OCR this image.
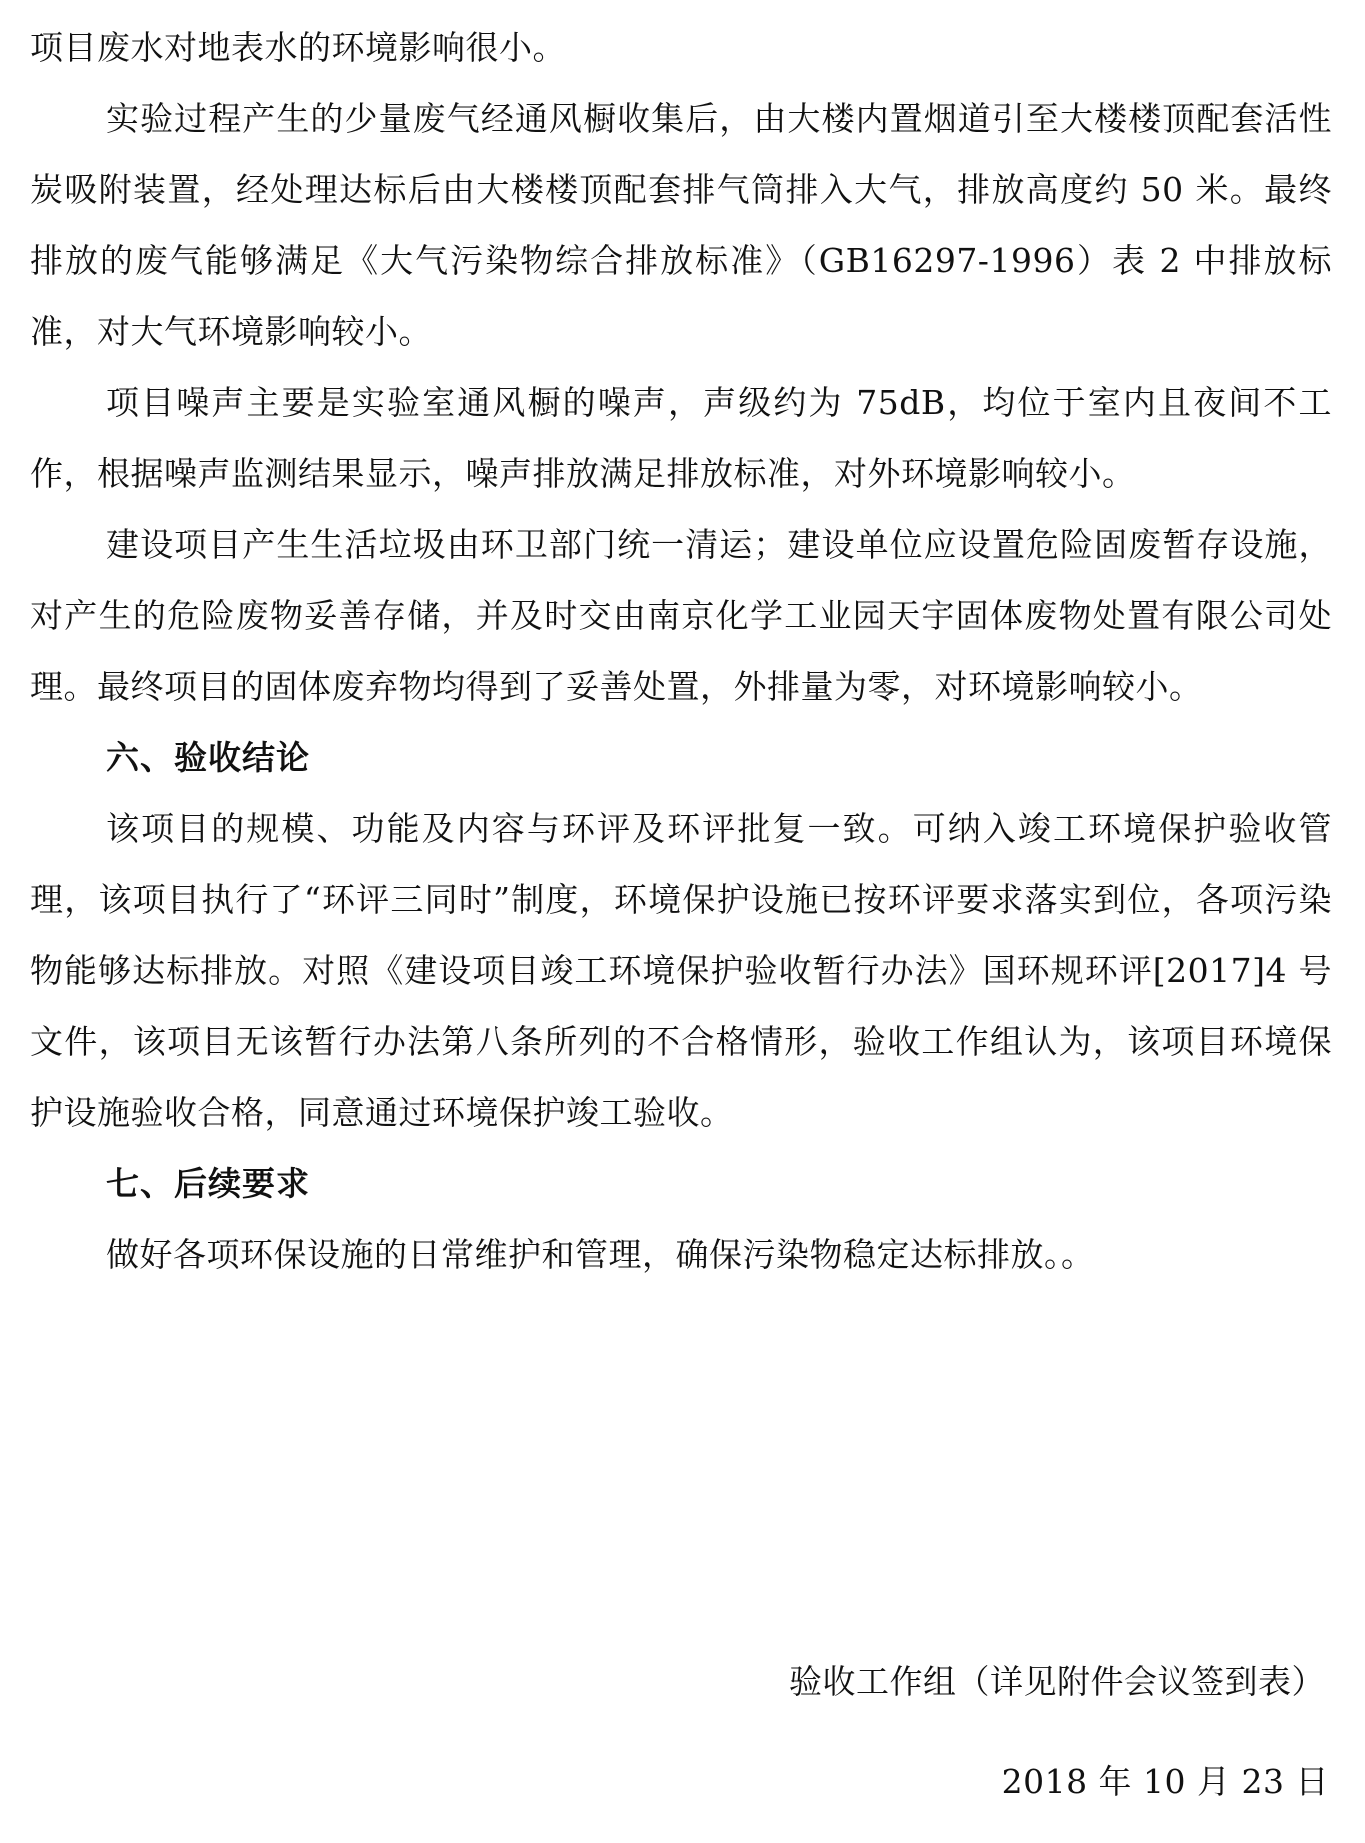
项目废水对地表水的环境影响很小。

实验过程产生的少量废气经通风橱收集后，由大楼内置烟道引至大楼楼顶配套活性炭吸附装置，经处理达标后由大楼楼顶配套排气筒排入大气，排放高度约 50 米。最终排放的废气能够满足《大气污染物综合排放标准》（GB16297-1996）表 2 中排放标准，对大气环境影响较小。

项目噪声主要是实验室通风橱的噪声，声级约为 75dB，均位于室内且夜间不工作，根据噪声监测结果显示，噪声排放满足排放标准，对外环境影响较小。

建设项目产生生活垃圾由环卫部门统一清运；建设单位应设置危险固废暂存设施，对产生的危险废物妥善存储，并及时交由南京化学工业园天宇固体废物处置有限公司处理。最终项目的固体废弃物均得到了妥善处置，外排量为零，对环境影响较小。

六、验收结论

该项目的规模、功能及内容与环评及环评批复一致。可纳入竣工环境保护验收管理，该项目执行了“环评三同时”制度，环境保护设施已按环评要求落实到位，各项污染物能够达标排放。对照《建设项目竣工环境保护验收暂行办法》国环规环评[2017]4 号文件，该项目无该暂行办法第八条所列的不合格情形，验收工作组认为，该项目环境保护设施验收合格，同意通过环境保护竣工验收。

七、后续要求

做好各项环保设施的日常维护和管理，确保污染物稳定达标排放。。

验收工作组（详见附件会议签到表）
2018 年 10 月 23 日
